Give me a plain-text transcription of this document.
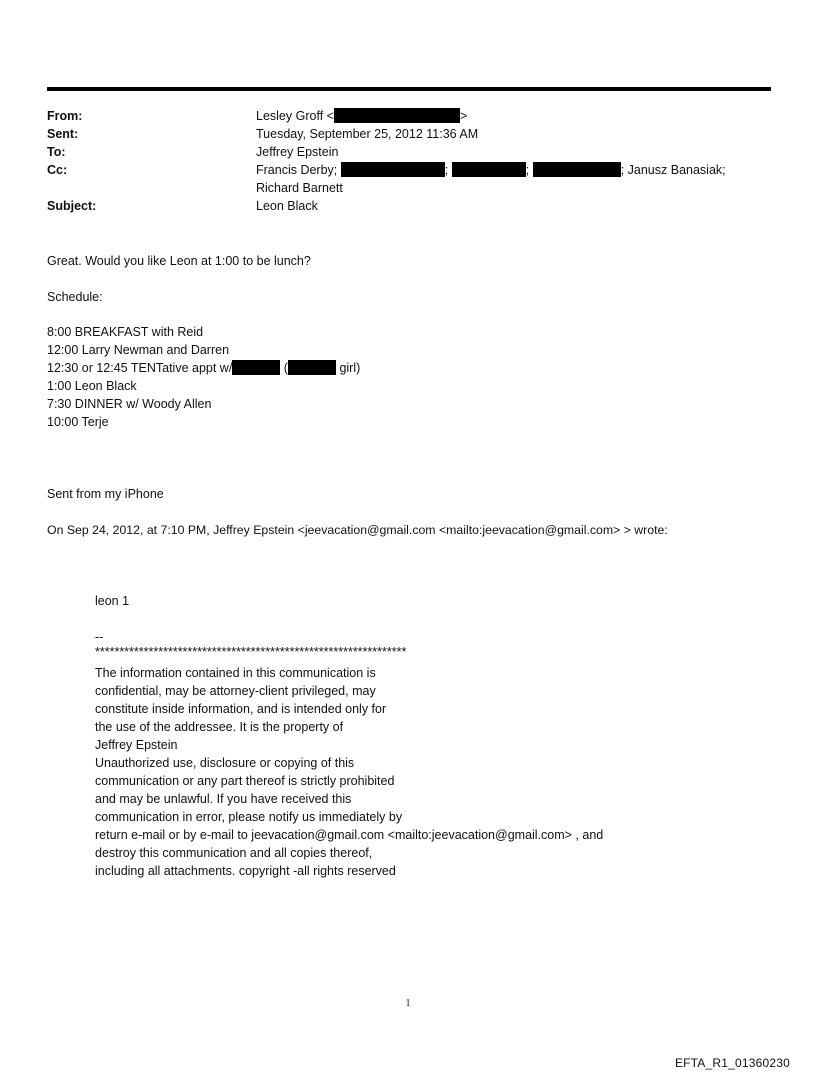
From:	Lesley Groff <	>
Sent:	Tuesday, September 25, 2012 11:36 AM
To:	Jeffrey Epstein
Cc:	Francis Derby;	;	;	; Janusz Banasiak;
Richard Barnett
Subject:	Leon Black
Great. Would you like Leon at 1:00 to be lunch?
Schedule:
8:00 BREAKFAST with Reid
12:00 Larry Newman and Darren
12:30 or 12:45 TENTative appt w/	(	girl)
1:00 Leon Black
7:30 DINNER w/ Woody Allen
10:00 Terje
Sent from my iPhone
On Sep 24, 2012, at 7:10 PM, Jeffrey Epstein <jeevacation@gmail.com <mailto:jeevacation@gmail.com> > wrote:
leon 1
--
****************************************************************
The information contained in this communication is
confidential, may be attorney-client privileged, may
constitute inside information, and is intended only for
the use of the addressee. It is the property of
Jeffrey Epstein
Unauthorized use, disclosure or copying of this
communication or any part thereof is strictly prohibited
and may be unlawful. If you have received this
communication in error, please notify us immediately by
return e-mail or by e-mail to jeevacation@gmail.com <mailto:jeevacation@gmail.com> , and
destroy this communication and all copies thereof,
including all attachments. copyright -all rights reserved
1
EFTA_R1_01360230
